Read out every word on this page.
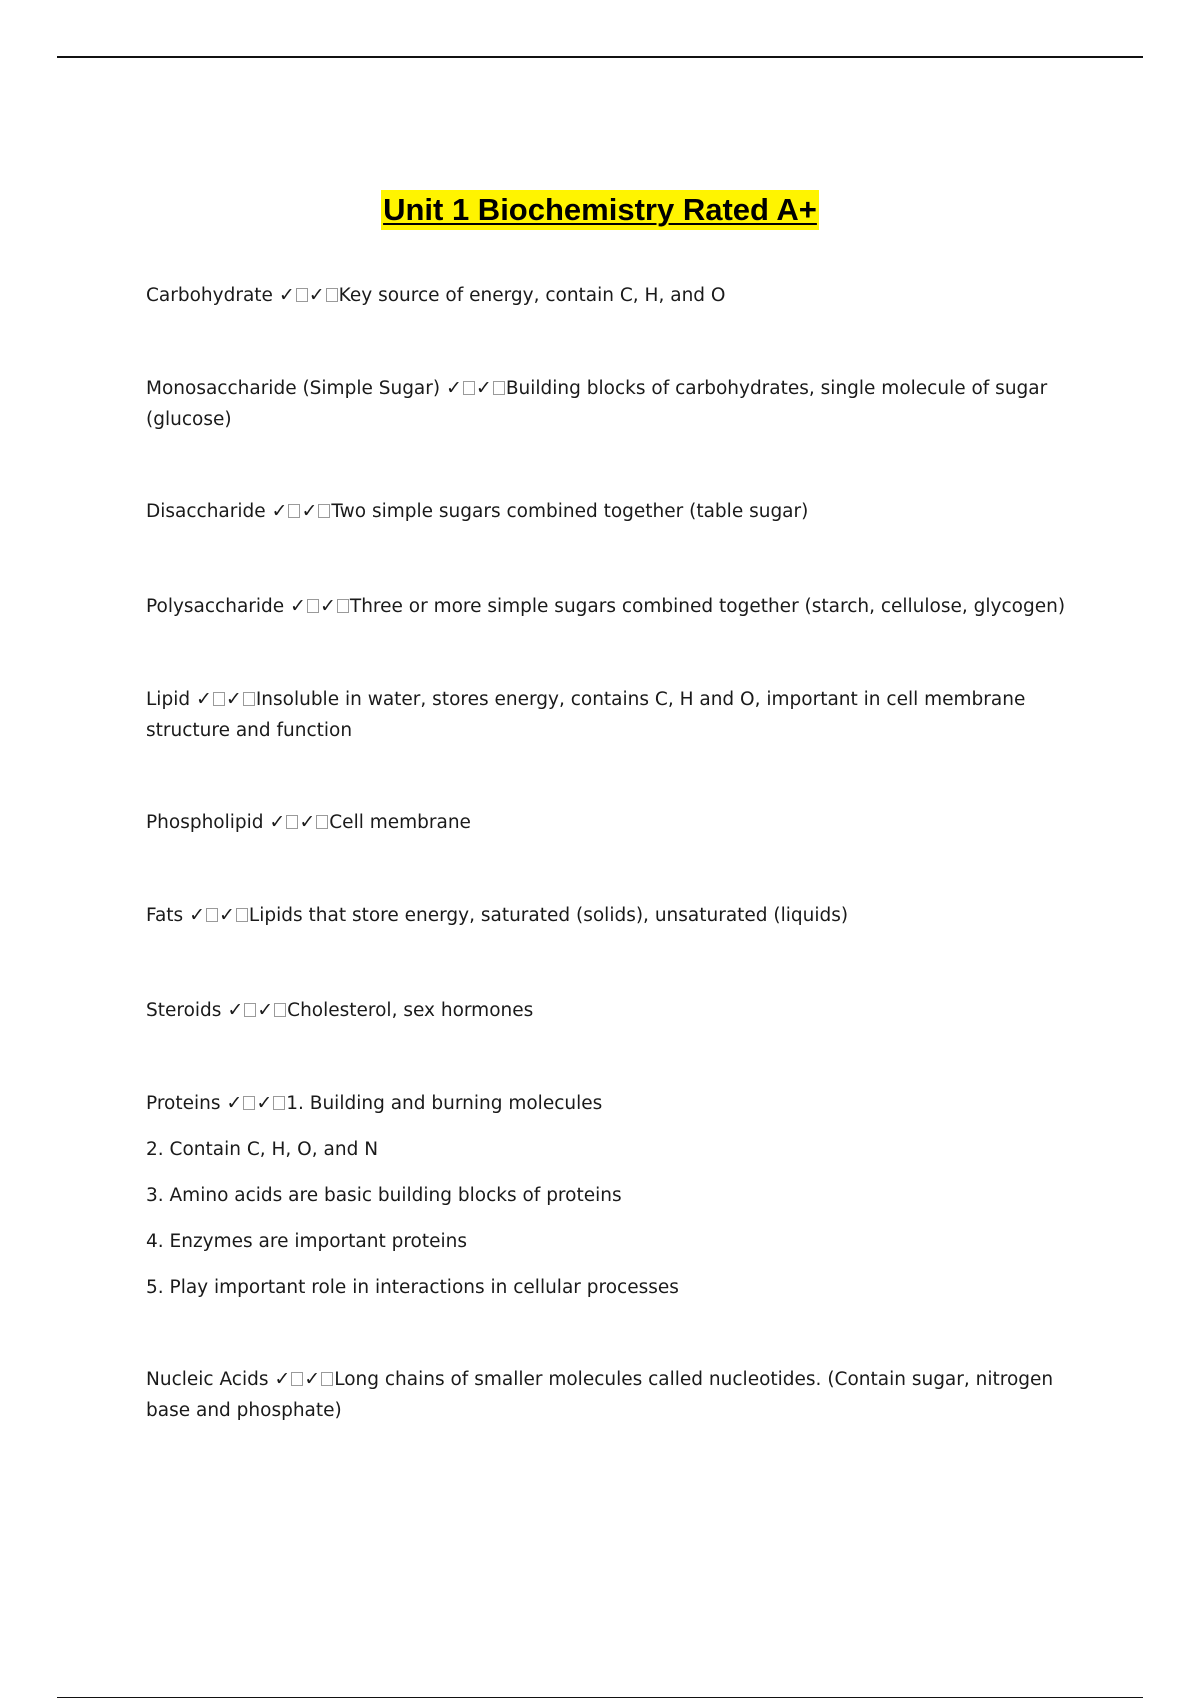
Unit 1 Biochemistry Rated A+
Carbohydrate ✓ ✓ Key source of energy, contain C, H, and O
Monosaccharide (Simple Sugar) ✓ ✓ Building blocks of carbohydrates, single molecule of sugar (glucose)
Disaccharide ✓ ✓ Two simple sugars combined together (table sugar)
Polysaccharide ✓ ✓ Three or more simple sugars combined together (starch, cellulose, glycogen)
Lipid ✓ ✓ Insoluble in water, stores energy, contains C, H and O, important in cell membrane structure and function
Phospholipid ✓ ✓ Cell membrane
Fats ✓ ✓ Lipids that store energy, saturated (solids), unsaturated (liquids)
Steroids ✓ ✓ Cholesterol, sex hormones
Proteins ✓ ✓ 1. Building and burning molecules
2. Contain C, H, O, and N
3. Amino acids are basic building blocks of proteins
4. Enzymes are important proteins
5. Play important role in interactions in cellular processes
Nucleic Acids ✓ ✓ Long chains of smaller molecules called nucleotides. (Contain sugar, nitrogen base and phosphate)
